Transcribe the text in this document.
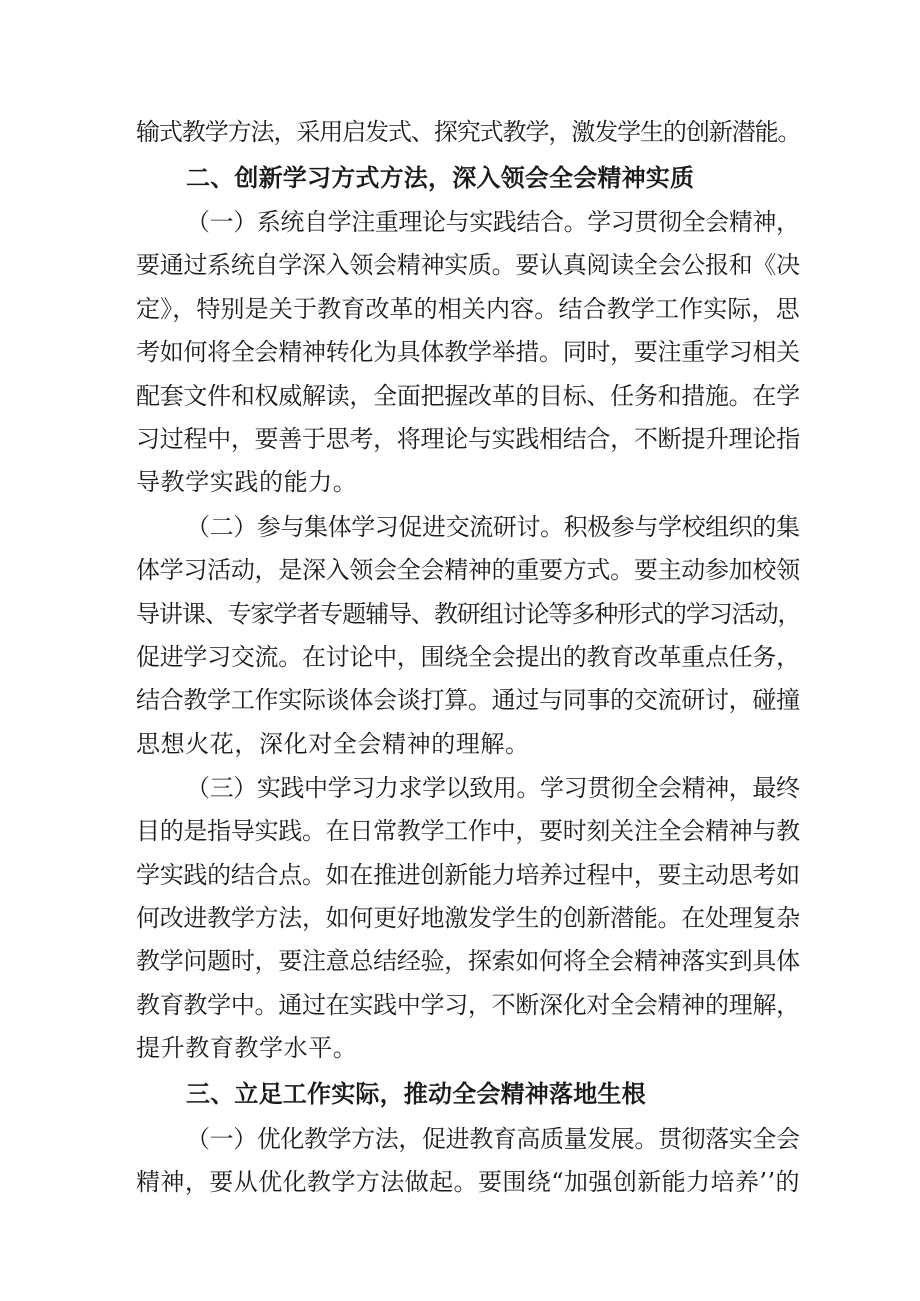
输式教学方法，采用启发式、探究式教学，激发学生的创新潜能。
二、创新学习方式方法，深入领会全会精神实质
（一）系统自学注重理论与实践结合。学习贯彻全会精神，
要通过系统自学深入领会精神实质。要认真阅读全会公报和《决
定》，特别是关于教育改革的相关内容。结合教学工作实际，思
考如何将全会精神转化为具体教学举措。同时，要注重学习相关
配套文件和权威解读，全面把握改革的目标、任务和措施。在学
习过程中，要善于思考，将理论与实践相结合，不断提升理论指
导教学实践的能力。
（二）参与集体学习促进交流研讨。积极参与学校组织的集
体学习活动，是深入领会全会精神的重要方式。要主动参加校领
导讲课、专家学者专题辅导、教研组讨论等多种形式的学习活动，
促进学习交流。在讨论中，围绕全会提出的教育改革重点任务，
结合教学工作实际谈体会谈打算。通过与同事的交流研讨，碰撞
思想火花，深化对全会精神的理解。
（三）实践中学习力求学以致用。学习贯彻全会精神，最终
目的是指导实践。在日常教学工作中，要时刻关注全会精神与教
学实践的结合点。如在推进创新能力培养过程中，要主动思考如
何改进教学方法，如何更好地激发学生的创新潜能。在处理复杂
教学问题时，要注意总结经验，探索如何将全会精神落实到具体
教育教学中。通过在实践中学习，不断深化对全会精神的理解，
提升教育教学水平。
三、立足工作实际，推动全会精神落地生根
（一）优化教学方法，促进教育高质量发展。贯彻落实全会
精神，要从优化教学方法做起。要围绕“加强创新能力培养’’的
